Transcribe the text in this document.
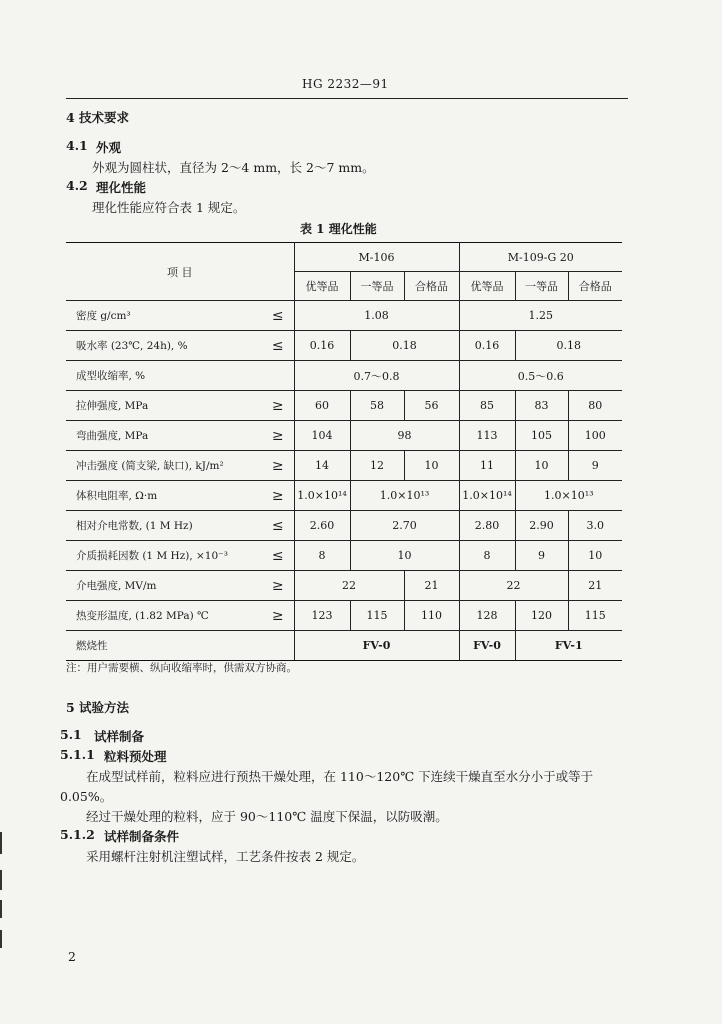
HG 2232—91
4 技术要求
4.1 外观
外观为圆柱状，直径为 2～4 mm，长 2～7 mm。
4.2 理化性能
理化性能应符合表 1 规定。
表 1 理化性能
项 目		M-106			M-109-G 20		
		优等品	一等品	合格品	优等品	一等品	合格品
密度 g/cm³	≤	1.08			1.25		
吸水率 (23℃, 24h), %	≤	0.16	0.18		0.16	0.18	
成型收缩率, %		0.7～0.8			0.5～0.6		
拉伸强度, MPa	≥	60	58	56	85	83	80
弯曲强度, MPa	≥	104	98		113	105	100
冲击强度 (简支梁, 缺口), kJ/m²	≥	14	12	10	11	10	9
体积电阻率, Ω·m	≥	1.0×10¹⁴	1.0×10¹³		1.0×10¹⁴	1.0×10¹³	
相对介电常数, (1 M Hz)	≤	2.60	2.70		2.80	2.90	3.0
介质损耗因数 (1 M Hz), ×10⁻³	≤	8	10		8	9	10
介电强度, MV/m	≥	22		21	22		21
热变形温度, (1.82 MPa) ℃	≥	123	115	110	128	120	115
燃烧性		FV-0			FV-0	FV-1	
注：用户需要横、纵向收缩率时，供需双方协商。
5 试验方法
5.1 试样制备
5.1.1 粒料预处理
在成型试样前，粒料应进行预热干燥处理，在 110～120℃ 下连续干燥直至水分小于或等于
0.05%。
经过干燥处理的粒料，应于 90～110℃ 温度下保温，以防吸潮。
5.1.2 试样制备条件
采用螺杆注射机注塑试样，工艺条件按表 2 规定。
2
